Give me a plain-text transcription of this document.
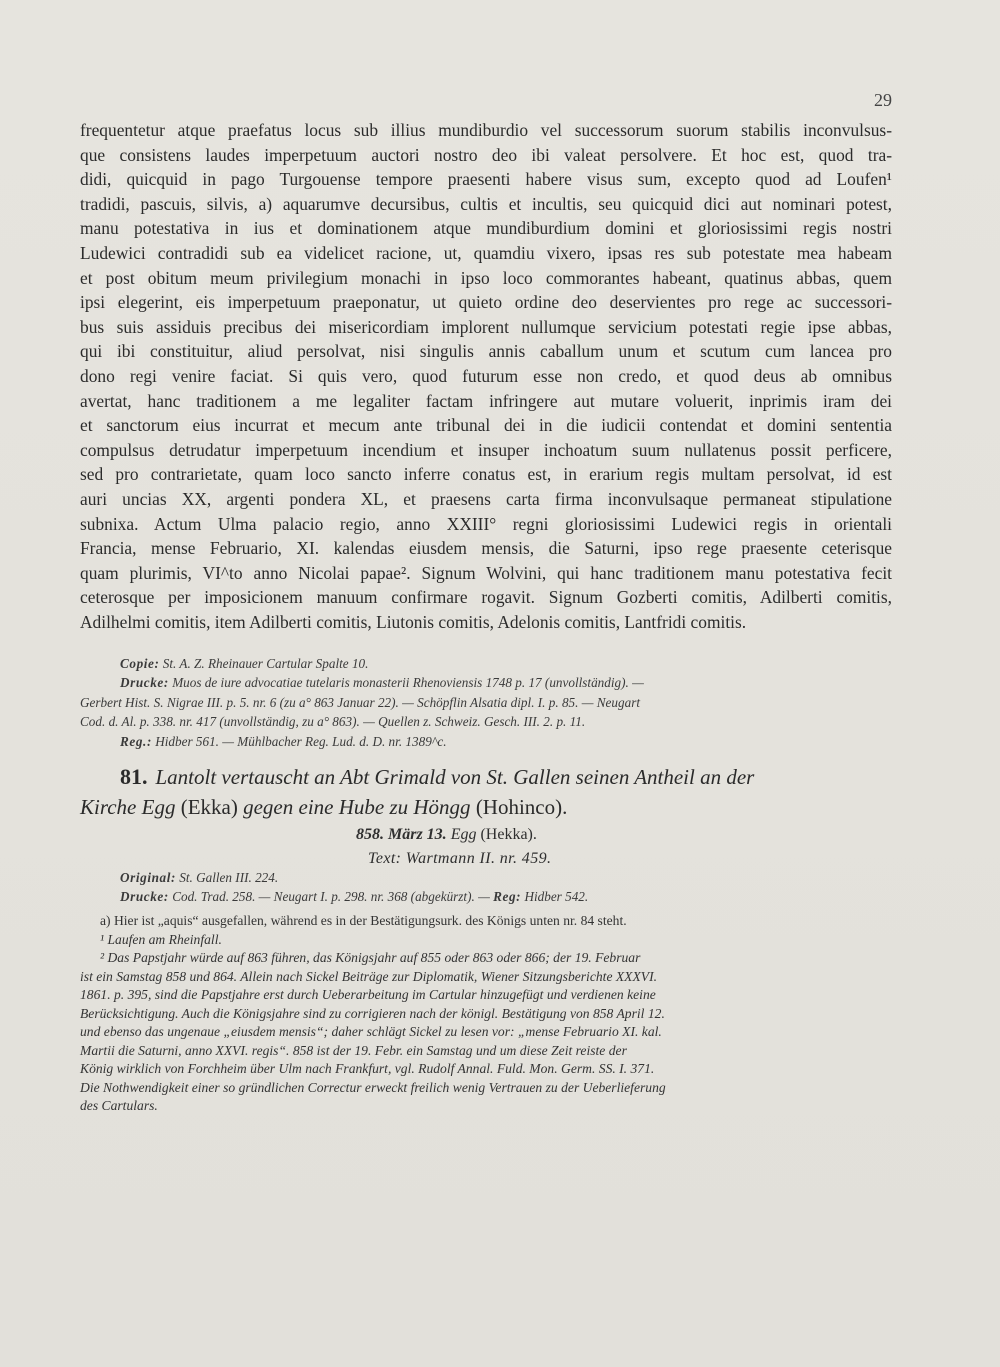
29
frequentetur atque praefatus locus sub illius mundiburdio vel successorum suorum stabilis inconvulsus-
que consistens laudes imperpetuum auctori nostro deo ibi valeat persolvere. Et hoc est, quod tra-
didi, quicquid in pago Turgouense tempore praesenti habere visus sum, excepto quod ad Loufen¹
tradidi, pascuis, silvis, a) aquarumve decursibus, cultis et incultis, seu quicquid dici aut nominari potest,
manu potestativa in ius et dominationem atque mundiburdium domini et gloriosissimi regis nostri
Ludewici contradidi sub ea videlicet racione, ut, quamdiu vixero, ipsas res sub potestate mea habeam
et post obitum meum privilegium monachi in ipso loco commorantes habeant, quatinus abbas, quem
ipsi elegerint, eis imperpetuum praeponatur, ut quieto ordine deo deservientes pro rege ac successori-
bus suis assiduis precibus dei misericordiam implorent nullumque servicium potestati regie ipse abbas,
qui ibi constituitur, aliud persolvat, nisi singulis annis caballum unum et scutum cum lancea pro
dono regi venire faciat. Si quis vero, quod futurum esse non credo, et quod deus ab omnibus
avertat, hanc traditionem a me legaliter factam infringere aut mutare voluerit, inprimis iram dei
et sanctorum eius incurrat et mecum ante tribunal dei in die iudicii contendat et domini sententia
compulsus detrudatur imperpetuum incendium et insuper inchoatum suum nullatenus possit perficere,
sed pro contrarietate, quam loco sancto inferre conatus est, in erarium regis multam persolvat, id est
auri uncias XX, argenti pondera XL, et praesens carta firma inconvulsaque permaneat stipulatione
subnixa. Actum Ulma palacio regio, anno XXIII° regni gloriosissimi Ludewici regis in orientali
Francia, mense Februario, XI. kalendas eiusdem mensis, die Saturni, ipso rege praesente ceterisque
quam plurimis, VI^to anno Nicolai papae². Signum Wolvini, qui hanc traditionem manu potestativa fecit
ceterosque per imposicionem manuum confirmare rogavit. Signum Gozberti comitis, Adilberti comitis,
Adilhelmi comitis, item Adilberti comitis, Liutonis comitis, Adelonis comitis, Lantfridi comitis.
Copie: St. A. Z. Rheinauer Cartular Spalte 10.
Drucke: Muos de iure advocatiae tutelaris monasterii Rhenoviensis 1748 p. 17 (unvollständig). —
Gerbert Hist. S. Nigrae III. p. 5. nr. 6 (zu a° 863 Januar 22). — Schöpflin Alsatia dipl. I. p. 85. — Neugart
Cod. d. Al. p. 338. nr. 417 (unvollständig, zu a° 863). — Quellen z. Schweiz. Gesch. III. 2. p. 11.
Reg.: Hidber 561. — Mühlbacher Reg. Lud. d. D. nr. 1389^c.
81. Lantolt vertauscht an Abt Grimald von St. Gallen seinen Antheil an der
Kirche Egg (Ekka) gegen eine Hube zu Höngg (Hohinco).
858. März 13. Egg (Hekka).
Text: Wartmann II. nr. 459.
Original: St. Gallen III. 224.
Drucke: Cod. Trad. 258. — Neugart I. p. 298. nr. 368 (abgekürzt). — Reg: Hidber 542.
a) Hier ist „aquis“ ausgefallen, während es in der Bestätigungsurk. des Königs unten nr. 84 steht.
¹ Laufen am Rheinfall.
² Das Papstjahr würde auf 863 führen, das Königsjahr auf 855 oder 863 oder 866; der 19. Februar
ist ein Samstag 858 und 864. Allein nach Sickel Beiträge zur Diplomatik, Wiener Sitzungsberichte XXXVI.
1861. p. 395, sind die Papstjahre erst durch Ueberarbeitung im Cartular hinzugefügt und verdienen keine
Berücksichtigung. Auch die Königsjahre sind zu corrigieren nach der königl. Bestätigung von 858 April 12.
und ebenso das ungenaue „eiusdem mensis“; daher schlägt Sickel zu lesen vor: „mense Februario XI. kal.
Martii die Saturni, anno XXVI. regis“. 858 ist der 19. Febr. ein Samstag und um diese Zeit reiste der
König wirklich von Forchheim über Ulm nach Frankfurt, vgl. Rudolf Annal. Fuld. Mon. Germ. SS. I. 371.
Die Nothwendigkeit einer so gründlichen Correctur erweckt freilich wenig Vertrauen zu der Ueberlieferung
des Cartulars.
